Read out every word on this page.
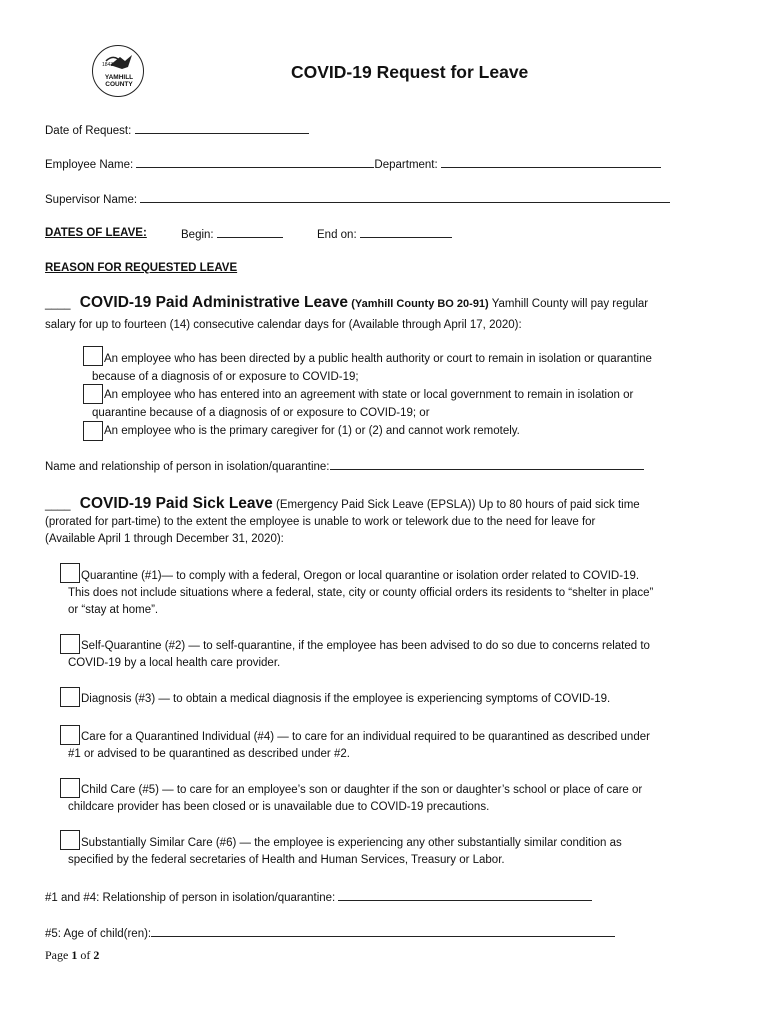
1843
YAMHILL COUNTY
COVID-19 Request for Leave
Date of Request:
Employee Name:	Department:
Supervisor Name:
DATES OF LEAVE:	Begin:	End on:
REASON FOR REQUESTED LEAVE
____ COVID-19 Paid Administrative Leave (Yamhill County BO 20-91) Yamhill County will pay regular
salary for up to fourteen (14) consecutive calendar days for (Available through April 17, 2020):
An employee who has been directed by a public health authority or court to remain in isolation or quarantine
because of a diagnosis of or exposure to COVID-19;
An employee who has entered into an agreement with state or local government to remain in isolation or
quarantine because of a diagnosis of or exposure to COVID-19; or
An employee who is the primary caregiver for (1) or (2) and cannot work remotely.
Name and relationship of person in isolation/quarantine:
____ COVID-19 Paid Sick Leave (Emergency Paid Sick Leave (EPSLA)) Up to 80 hours of paid sick time
(prorated for part-time) to the extent the employee is unable to work or telework due to the need for leave for
(Available April 1 through December 31, 2020):
Quarantine (#1)— to comply with a federal, Oregon or local quarantine or isolation order related to COVID-19.
This does not include situations where a federal, state, city or county official orders its residents to “shelter in place”
or “stay at home”.
Self-Quarantine (#2) — to self-quarantine, if the employee has been advised to do so due to concerns related to
COVID-19 by a local health care provider.
Diagnosis (#3) — to obtain a medical diagnosis if the employee is experiencing symptoms of COVID-19.
Care for a Quarantined Individual (#4) — to care for an individual required to be quarantined as described under
#1 or advised to be quarantined as described under #2.
Child Care (#5) — to care for an employee’s son or daughter if the son or daughter’s school or place of care or
childcare provider has been closed or is unavailable due to COVID-19 precautions.
Substantially Similar Care (#6) — the employee is experiencing any other substantially similar condition as
specified by the federal secretaries of Health and Human Services, Treasury or Labor.
#1 and #4: Relationship of person in isolation/quarantine:
#5: Age of child(ren):
Page 1 of 2
